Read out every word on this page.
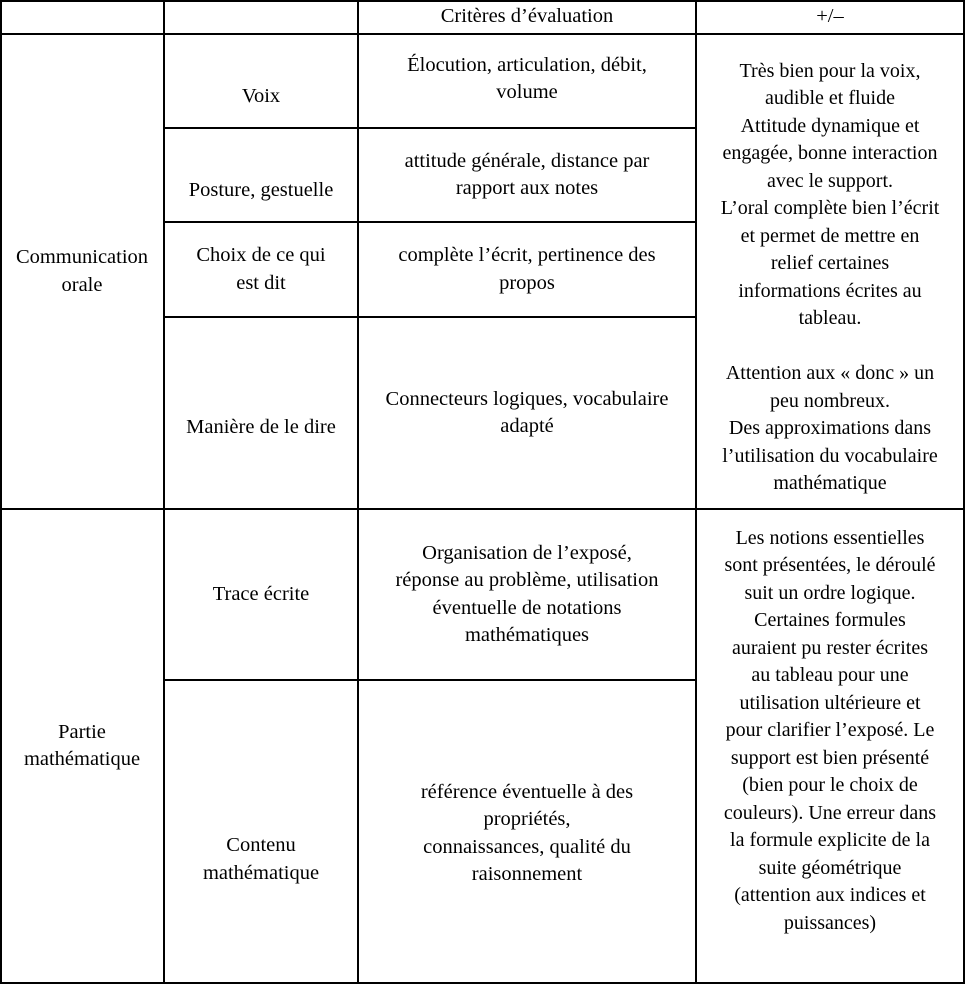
Critères d’évaluation	+/–
Communication
orale
Voix
Élocution, articulation, débit,
volume
Posture, gestuelle
attitude générale, distance par
rapport aux notes
Choix de ce qui
est dit
complète l’écrit, pertinence des
propos
Manière de le dire
Connecteurs logiques, vocabulaire
adapté
Très bien pour la voix,
audible et fluide
Attitude dynamique et
engagée, bonne interaction
avec le support.
L’oral complète bien l’écrit
et permet de mettre en
relief certaines
informations écrites au
tableau.

Attention aux « donc » un
peu nombreux.
Des approximations dans
l’utilisation du vocabulaire
mathématique
Partie
mathématique
Trace écrite
Organisation de l’exposé,
réponse au problème, utilisation
éventuelle de notations
mathématiques
Contenu
mathématique
référence éventuelle à des
propriétés,
connaissances, qualité du
raisonnement
Les notions essentielles
sont présentées, le déroulé
suit un ordre logique.
Certaines formules
auraient pu rester écrites
au tableau pour une
utilisation ultérieure et
pour clarifier l’exposé. Le
support est bien présenté
(bien pour le choix de
couleurs). Une erreur dans
la formule explicite de la
suite géométrique
(attention aux indices et
puissances)
